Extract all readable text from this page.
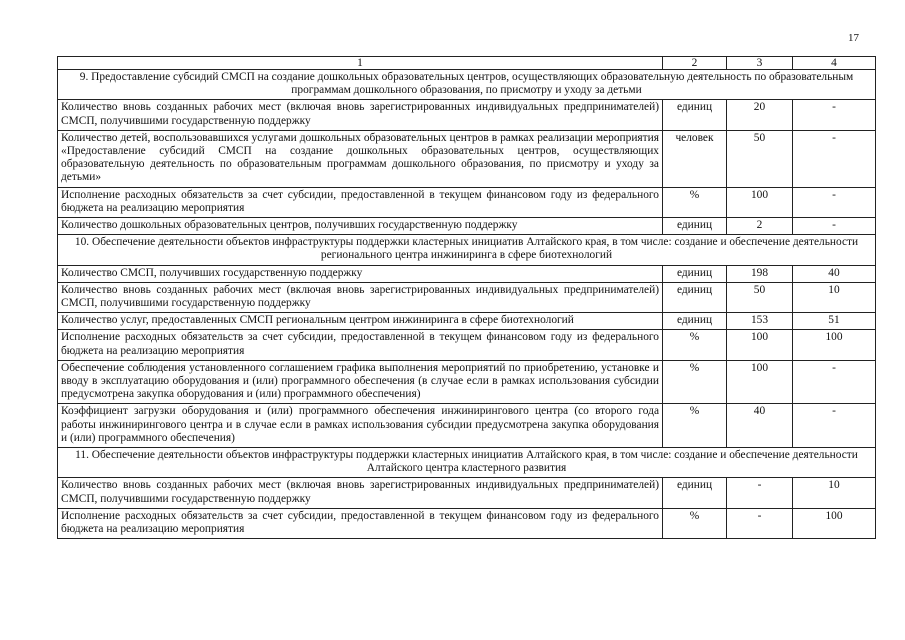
17
1	2	3	4
9. Предоставление субсидий СМСП на создание дошкольных образовательных центров, осуществляющих образовательную деятельность по образовательным программам дошкольного образования, по присмотру и уходу за детьми			
Количество вновь созданных рабочих мест (включая вновь зарегистрированных индивидуальных предпринимателей) СМСП, получившими государственную поддержку	единиц	20	-
Количество детей, воспользовавшихся услугами дошкольных образовательных центров в рамках реализации мероприятия «Предоставление субсидий СМСП на создание дошкольных образовательных центров, осуществляющих образовательную деятельность по образовательным программам дошкольного образования, по присмотру и уходу за детьми»	человек	50	-
Исполнение расходных обязательств за счет субсидии, предоставленной в текущем финансовом году из федерального бюджета на реализацию мероприятия	%	100	-
Количество дошкольных образовательных центров, получивших государственную поддержку	единиц	2	-
10. Обеспечение деятельности объектов инфраструктуры поддержки кластерных инициатив Алтайского края, в том числе: создание и обеспечение деятельности регионального центра инжиниринга в сфере биотехнологий			
Количество СМСП, получивших государственную поддержку	единиц	198	40
Количество вновь созданных рабочих мест (включая вновь зарегистрированных индивидуальных предпринимателей) СМСП, получившими государственную поддержку	единиц	50	10
Количество услуг, предоставленных СМСП региональным центром инжиниринга в сфере биотехнологий	единиц	153	51
Исполнение расходных обязательств за счет субсидии, предоставленной в текущем финансовом году из федерального бюджета на реализацию мероприятия	%	100	100
Обеспечение соблюдения установленного соглашением графика выполнения мероприятий по приобретению, установке и вводу в эксплуатацию оборудования и (или) программного обеспечения (в случае если в рамках использования субсидии предусмотрена закупка оборудования и (или) программного обеспечения)	%	100	-
Коэффициент загрузки оборудования и (или) программного обеспечения инжинирингового центра (со второго года работы инжинирингового центра и в случае если в рамках использования субсидии предусмотрена закупка оборудования и (или) программного обеспечения)	%	40	-
11. Обеспечение деятельности объектов инфраструктуры поддержки кластерных инициатив Алтайского края, в том числе: создание и обеспечение деятельности Алтайского центра кластерного развития			
Количество вновь созданных рабочих мест (включая вновь зарегистрированных индивидуальных предпринимателей) СМСП, получившими государственную поддержку	единиц	-	10
Исполнение расходных обязательств за счет субсидии, предоставленной в текущем финансовом году из федерального бюджета на реализацию мероприятия	%	-	100
